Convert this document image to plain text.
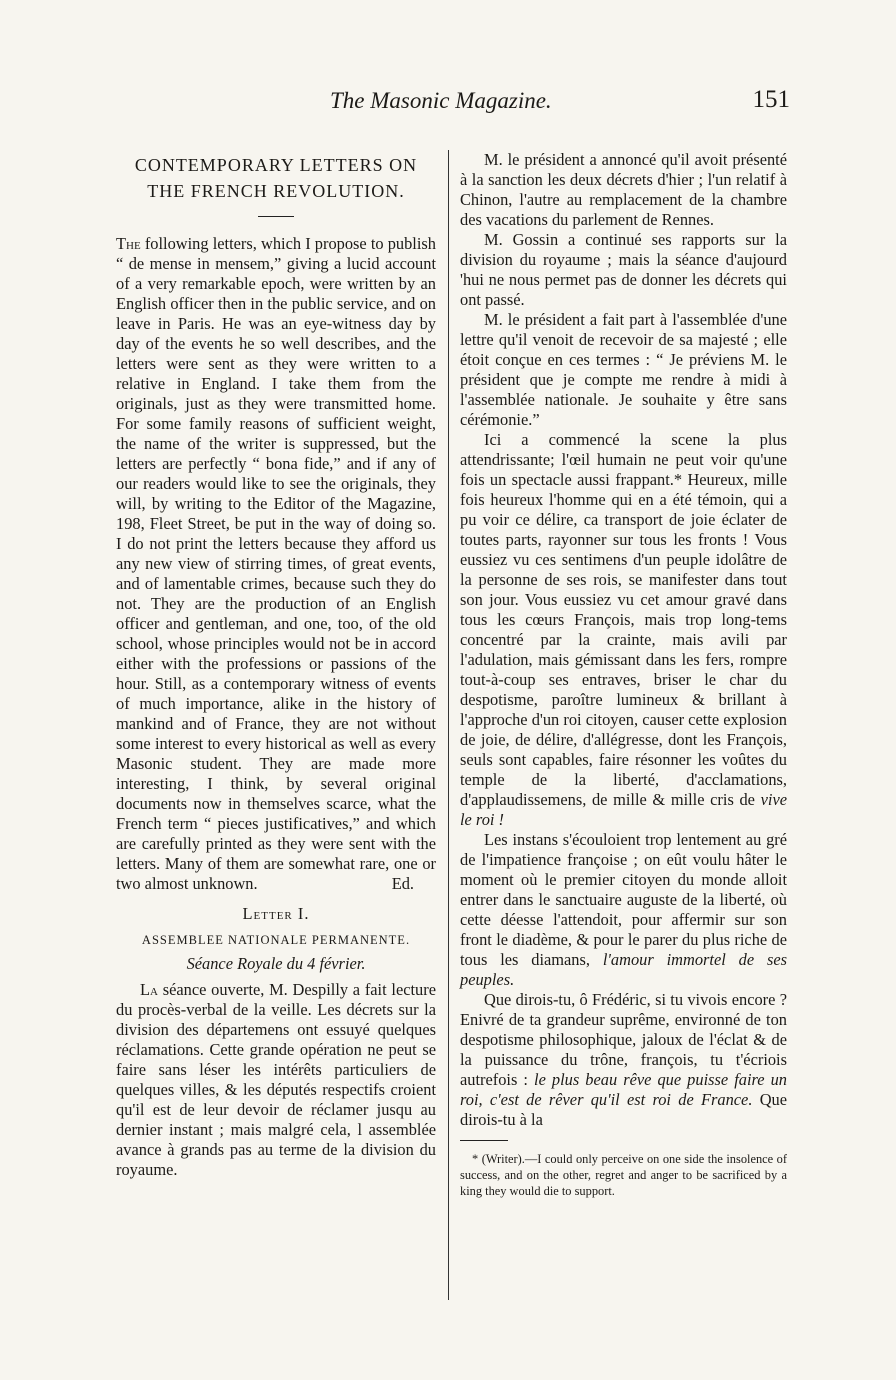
The Masonic Magazine.	151
CONTEMPORARY LETTERS ON
THE FRENCH REVOLUTION.

The following letters, which I propose to publish “ de mense in mensem,” giving a lucid account of a very remarkable epoch, were written by an English officer then in the public service, and on leave in Paris. He was an eye-witness day by day of the events he so well describes, and the letters were sent as they were written to a relative in England. I take them from the originals, just as they were transmitted home. For some family reasons of sufficient weight, the name of the writer is suppressed, but the letters are perfectly “ bona fide,” and if any of our readers would like to see the originals, they will, by writing to the Editor of the Magazine, 198, Fleet Street, be put in the way of doing so. I do not print the letters because they afford us any new view of stirring times, of great events, and of lamentable crimes, because such they do not. They are the production of an English officer and gentleman, and one, too, of the old school, whose principles would not be in accord either with the professions or passions of the hour. Still, as a contemporary witness of events of much importance, alike in the history of mankind and of France, they are not without some interest to every historical as well as every Masonic student. They are made more interesting, I think, by several original documents now in themselves scarce, what the French term “ pieces justificatives,” and which are carefully printed as they were sent with the letters. Many of them are somewhat rare, one or two almost unknown.	Ed.
Letter I.
ASSEMBLEE NATIONALE PERMANENTE.
Séance Royale du 4 février.

La séance ouverte, M. Despilly a fait lecture du procès-verbal de la veille. Les décrets sur la division des départemens ont essuyé quelques réclamations. Cette grande opération ne peut se faire sans léser les intérêts particuliers de quelques villes, & les députés respectifs croient qu'il est de leur devoir de réclamer jusqu au dernier instant ; mais malgré cela, l assemblée avance à grands pas au terme de la division du royaume.

M. le président a annoncé qu'il avoit présenté à la sanction les deux décrets d'hier ; l'un relatif à Chinon, l'autre au remplacement de la chambre des vacations du parlement de Rennes.

M. Gossin a continué ses rapports sur la division du royaume ; mais la séance d'aujourd 'hui ne nous permet pas de donner les décrets qui ont passé.

M. le président a fait part à l'assemblée d'une lettre qu'il venoit de recevoir de sa majesté ; elle étoit conçue en ces termes : “ Je préviens M. le président que je compte me rendre à midi à l'assemblée nationale. Je souhaite y être sans cérémonie.”

Ici a commencé la scene la plus attendrissante; l'œil humain ne peut voir qu'une fois un spectacle aussi frappant.* Heureux, mille fois heureux l'homme qui en a été témoin, qui a pu voir ce délire, ca transport de joie éclater de toutes parts, rayonner sur tous les fronts ! Vous eussiez vu ces sentimens d'un peuple idolâtre de la personne de ses rois, se manifester dans tout son jour. Vous eussiez vu cet amour gravé dans tous les cœurs François, mais trop long-tems concentré par la crainte, mais avili par l'adulation, mais gémissant dans les fers, rompre tout-à-coup ses entraves, briser le char du despotisme, paroître lumineux & brillant à l'approche d'un roi citoyen, causer cette explosion de joie, de délire, d'allégresse, dont les François, seuls sont capables, faire résonner les voûtes du temple de la liberté, d'acclamations, d'applaudissemens, de mille & mille cris de vive le roi !

Les instans s'écouloient trop lentement au gré de l'impatience françoise ; on eût voulu hâter le moment où le premier citoyen du monde alloit entrer dans le sanctuaire auguste de la liberté, où cette déesse l'attendoit, pour affermir sur son front le diadème, & pour le parer du plus riche de tous les diamans, l'amour immortel de ses peuples.

Que dirois-tu, ô Frédéric, si tu vivois encore ? Enivré de ta grandeur suprême, environné de ton despotisme philosophique, jaloux de l'éclat & de la puissance du trône, françois, tu t'écriois autrefois : le plus beau rêve que puisse faire un roi, c'est de rêver qu'il est roi de France. Que dirois-tu à la

* (Writer).—I could only perceive on one side the insolence of success, and on the other, regret and anger to be sacrificed by a king they would die to support.
